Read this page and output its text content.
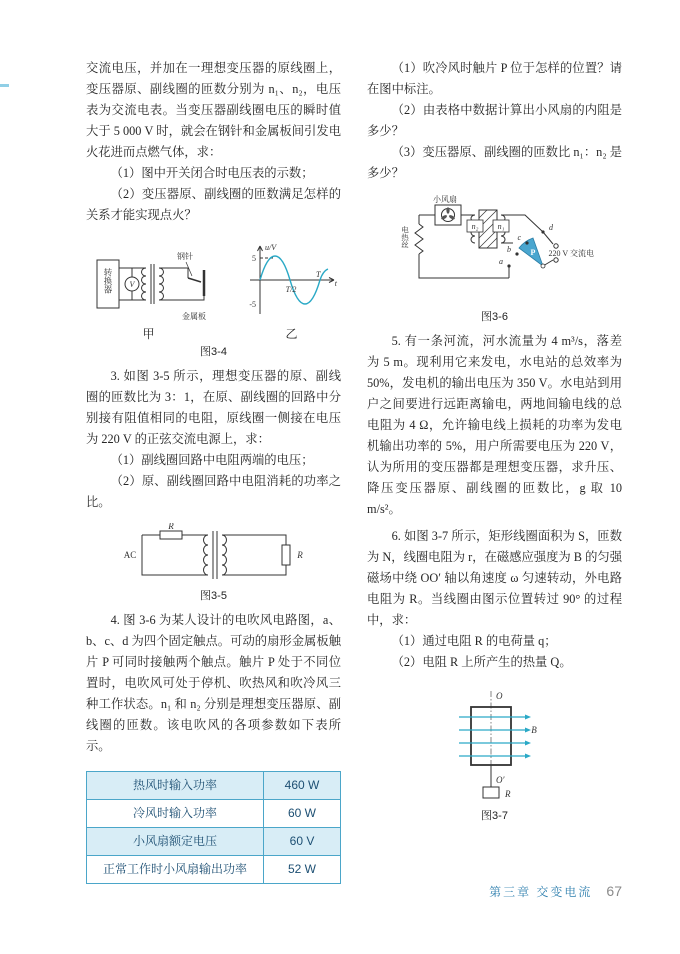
交流电压，并加在一理想变压器的原线圈上，变压器原、副线圈的匝数分别为 n₁、n₂，电压表为交流电表。当变压器副线圈电压的瞬时值大于 5 000 V 时，就会在钢针和金属板间引发电火花进而点燃气体，求：

（1）图中开关闭合时电压表的示数；

（2）变压器原、副线圈的匝数满足怎样的关系才能实现点火？

转换器 V
钢针
金属板
u/V
5
-5
T/2
T
t
甲	乙
图3-4

3. 如图 3-5 所示，理想变压器的原、副线圈的匝数比为 3：1，在原、副线圈的回路中分别接有阻值相同的电阻，原线圈一侧接在电压为 220 V 的正弦交流电源上，求：

（1）副线圈回路中电阻两端的电压；

（2）原、副线圈回路中电阻消耗的功率之比。

AC
R
R
图3-5

4. 图 3-6 为某人设计的电吹风电路图，a、b、c、d 为四个固定触点。可动的扇形金属板触片 P 可同时接触两个触点。触片 P 处于不同位置时，电吹风可处于停机、吹热风和吹冷风三种工作状态。n₁ 和 n₂ 分别是理想变压器原、副线圈的匝数。该电吹风的各项参数如下表所示。

热风时输入功率	460 W
冷风时输入功率	60 W
小风扇额定电压	60 V
正常工作时小风扇输出功率	52 W

（1）吹冷风时触片 P 位于怎样的位置？请在图中标注。

（2）由表格中数据计算出小风扇的内阻是多少？

（3）变压器原、副线圈的匝数比 n₁：n₂ 是多少？

n₂ n₁
P
d
c
b
a
220 V 交流电
小风扇
电热丝
图3-6

5. 有一条河流，河水流量为 4 m³/s，落差为 5 m。现利用它来发电，水电站的总效率为 50%，发电机的输出电压为 350 V。水电站到用户之间要进行远距离输电，两地间输电线的总电阻为 4 Ω，允许输电线上损耗的功率为发电机输出功率的 5%，用户所需要电压为 220 V，认为所用的变压器都是理想变压器，求升压、降压变压器原、副线圈的匝数比，g 取 10 m/s²。

6. 如图 3-7 所示，矩形线圈面积为 S，匝数为 N，线圈电阻为 r，在磁感应强度为 B 的匀强磁场中绕 OO′ 轴以角速度 ω 匀速转动，外电路电阻为 R。当线圈由图示位置转过 90° 的过程中，求：

（1）通过电阻 R 的电荷量 q；

（2）电阻 R 上所产生的热量 Q。

O
B
O′
R
图3-7
第三章 交变电流 67
